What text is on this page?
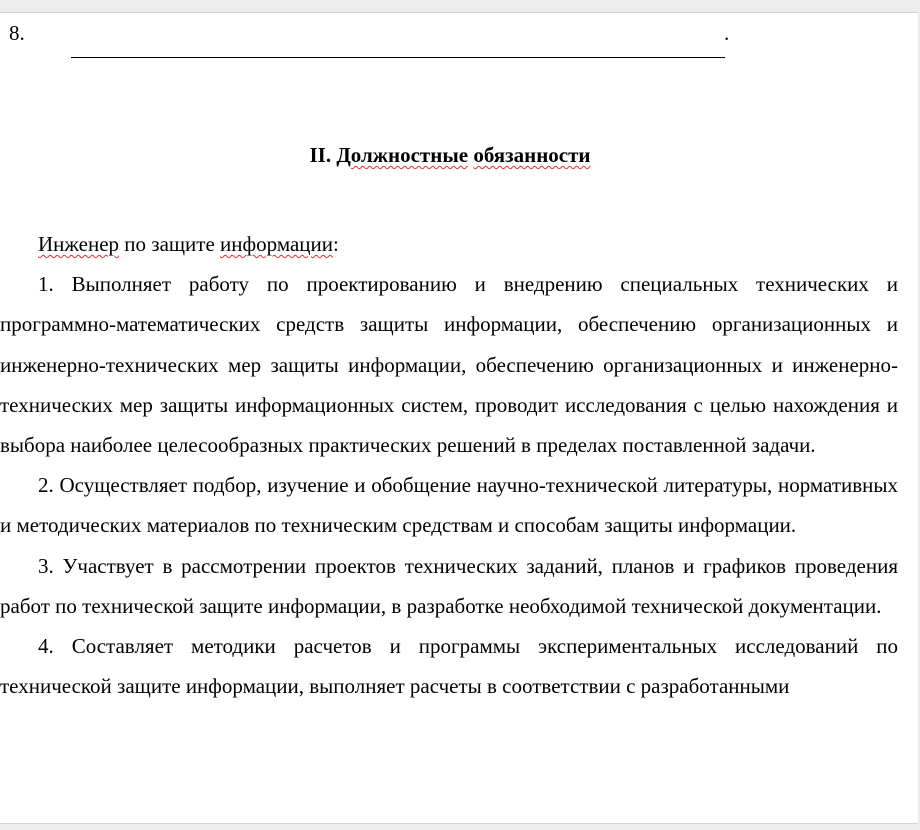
8.	.
II. Должностные обязанности

Инженер по защите информации:

1. Выполняет работу по проектированию и внедрению специальных технических и программно-математических средств защиты информации, обеспечению организационных и инженерно-технических мер защиты информации, обеспечению организационных и инженерно-технических мер защиты информационных систем, проводит исследования с целью нахождения и выбора наиболее целесообразных практических решений в пределах поставленной задачи.

2. Осуществляет подбор, изучение и обобщение научно-технической литературы, нормативных и методических материалов по техническим средствам и способам защиты информации.

3. Участвует в рассмотрении проектов технических заданий, планов и графиков проведения работ по технической защите информации, в разработке необходимой технической документации.

4. Составляет методики расчетов и программы экспериментальных исследований по технической защите информации, выполняет расчеты в соответствии с разработанными
